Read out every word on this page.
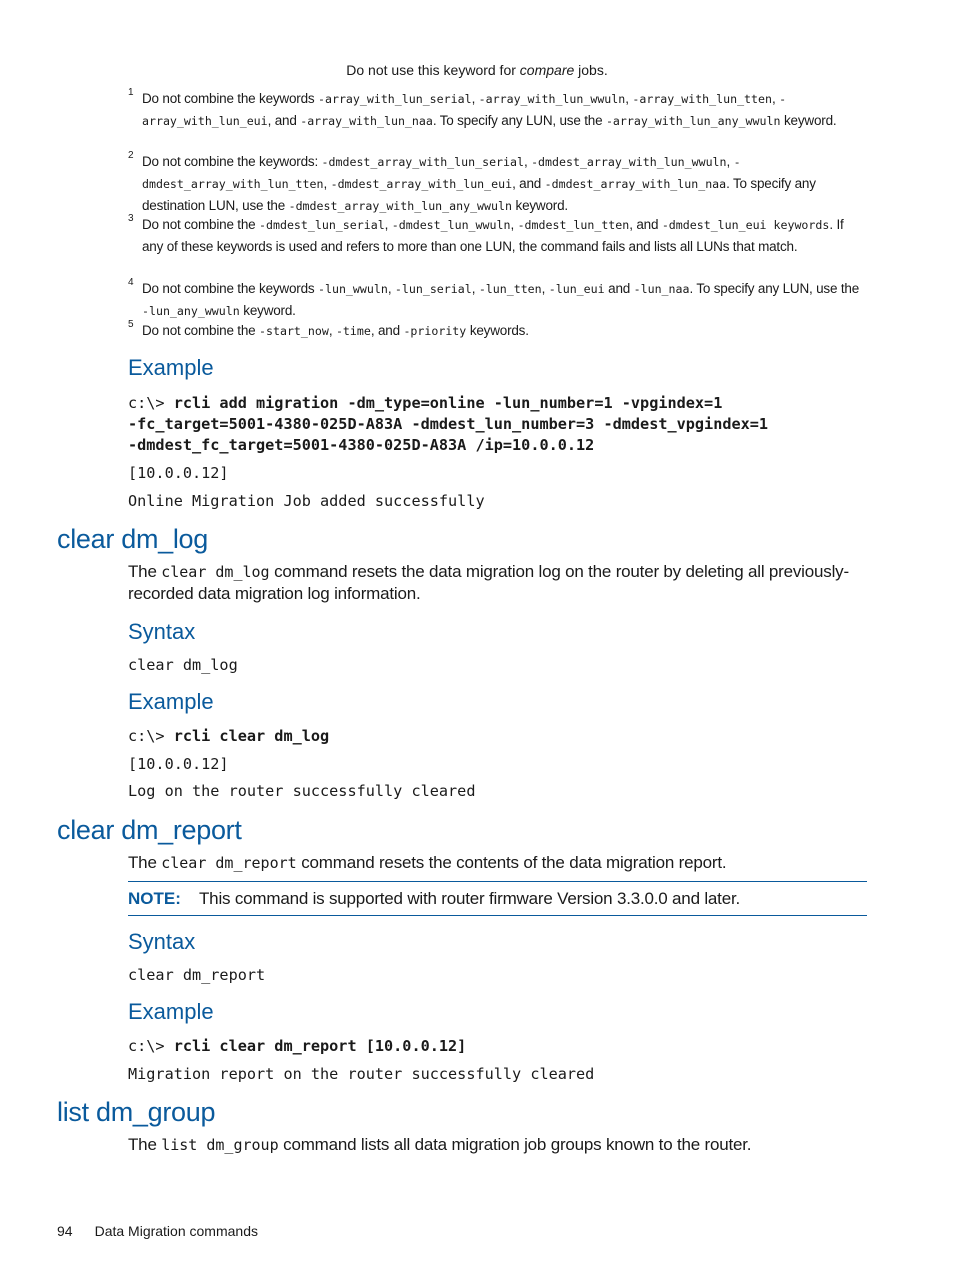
Do not use this keyword for compare jobs.
1 Do not combine the keywords -array_with_lun_serial, -array_with_lun_wwuln, -array_with_lun_tten, -array_with_lun_eui, and -array_with_lun_naa. To specify any LUN, use the -array_with_lun_any_wwuln keyword.
2 Do not combine the keywords: -dmdest_array_with_lun_serial, -dmdest_array_with_lun_wwuln, -dmdest_array_with_lun_tten, -dmdest_array_with_lun_eui, and -dmdest_array_with_lun_naa. To specify any destination LUN, use the -dmdest_array_with_lun_any_wwuln keyword.
3 Do not combine the -dmdest_lun_serial, -dmdest_lun_wwuln, -dmdest_lun_tten, and -dmdest_lun_eui keywords. If any of these keywords is used and refers to more than one LUN, the command fails and lists all LUNs that match.
4 Do not combine the keywords -lun_wwuln, -lun_serial, -lun_tten, -lun_eui and -lun_naa. To specify any LUN, use the -lun_any_wwuln keyword.
5 Do not combine the -start_now, -time, and -priority keywords.
Example
c:\> rcli add migration -dm_type=online -lun_number=1 -vpgindex=1
-fc_target=5001-4380-025D-A83A -dmdest_lun_number=3 -dmdest_vpgindex=1
-dmdest_fc_target=5001-4380-025D-A83A /ip=10.0.0.12
[10.0.0.12]
Online Migration Job added successfully
clear dm_log
The clear dm_log command resets the data migration log on the router by deleting all previously-recorded data migration log information.
Syntax
clear dm_log
Example
c:\> rcli clear dm_log
[10.0.0.12]
Log on the router successfully cleared
clear dm_report
The clear dm_report command resets the contents of the data migration report.
NOTE: This command is supported with router firmware Version 3.3.0.0 and later.
Syntax
clear dm_report
Example
c:\> rcli clear dm_report [10.0.0.12]
Migration report on the router successfully cleared
list dm_group
The list dm_group command lists all data migration job groups known to the router.
94 Data Migration commands
